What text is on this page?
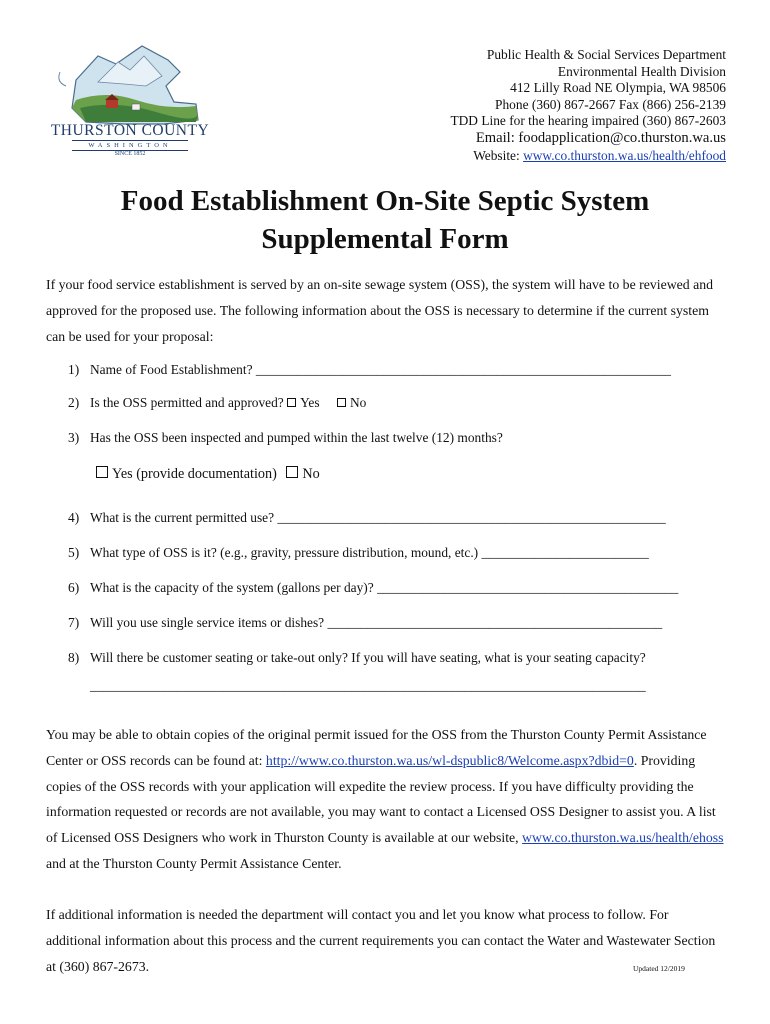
THURSTON COUNTY
WASHINGTON
SINCE 1852
Public Health & Social Services Department
Environmental Health Division
412 Lilly Road NE Olympia, WA 98506
Phone (360) 867-2667 Fax (866) 256-2139
TDD Line for the hearing impaired (360) 867-2603
Email: foodapplication@co.thurston.wa.us
Website: www.co.thurston.wa.us/health/ehfood
Food Establishment On-Site Septic System
Supplemental Form
If your food service establishment is served by an on-site sewage system (OSS), the system will have to be reviewed and approved for the proposed use. The following information about the OSS is necessary to determine if the current system can be used for your proposal:
1) Name of Food Establishment? ______________________________________________________________
2) Is the OSS permitted and approved? Yes No
3) Has the OSS been inspected and pumped within the last twelve (12) months?
Yes (provide documentation) No
4) What is the current permitted use? __________________________________________________________
5) What type of OSS is it? (e.g., gravity, pressure distribution, mound, etc.) _________________________
6) What is the capacity of the system (gallons per day)? _____________________________________________
7) Will you use single service items or dishes? __________________________________________________
8) Will there be customer seating or take-out only? If you will have seating, what is your seating capacity?
___________________________________________________________________________________
You may be able to obtain copies of the original permit issued for the OSS from the Thurston County Permit Assistance Center or OSS records can be found at: http://www.co.thurston.wa.us/wl-dspublic8/Welcome.aspx?dbid=0. Providing copies of the OSS records with your application will expedite the review process. If you have difficulty providing the information requested or records are not available, you may want to contact a Licensed OSS Designer to assist you. A list of Licensed OSS Designers who work in Thurston County is available at our website, www.co.thurston.wa.us/health/ehoss and at the Thurston County Permit Assistance Center.
If additional information is needed the department will contact you and let you know what process to follow. For additional information about this process and the current requirements you can contact the Water and Wastewater Section at (360) 867-2673.	Updated 12/2019
